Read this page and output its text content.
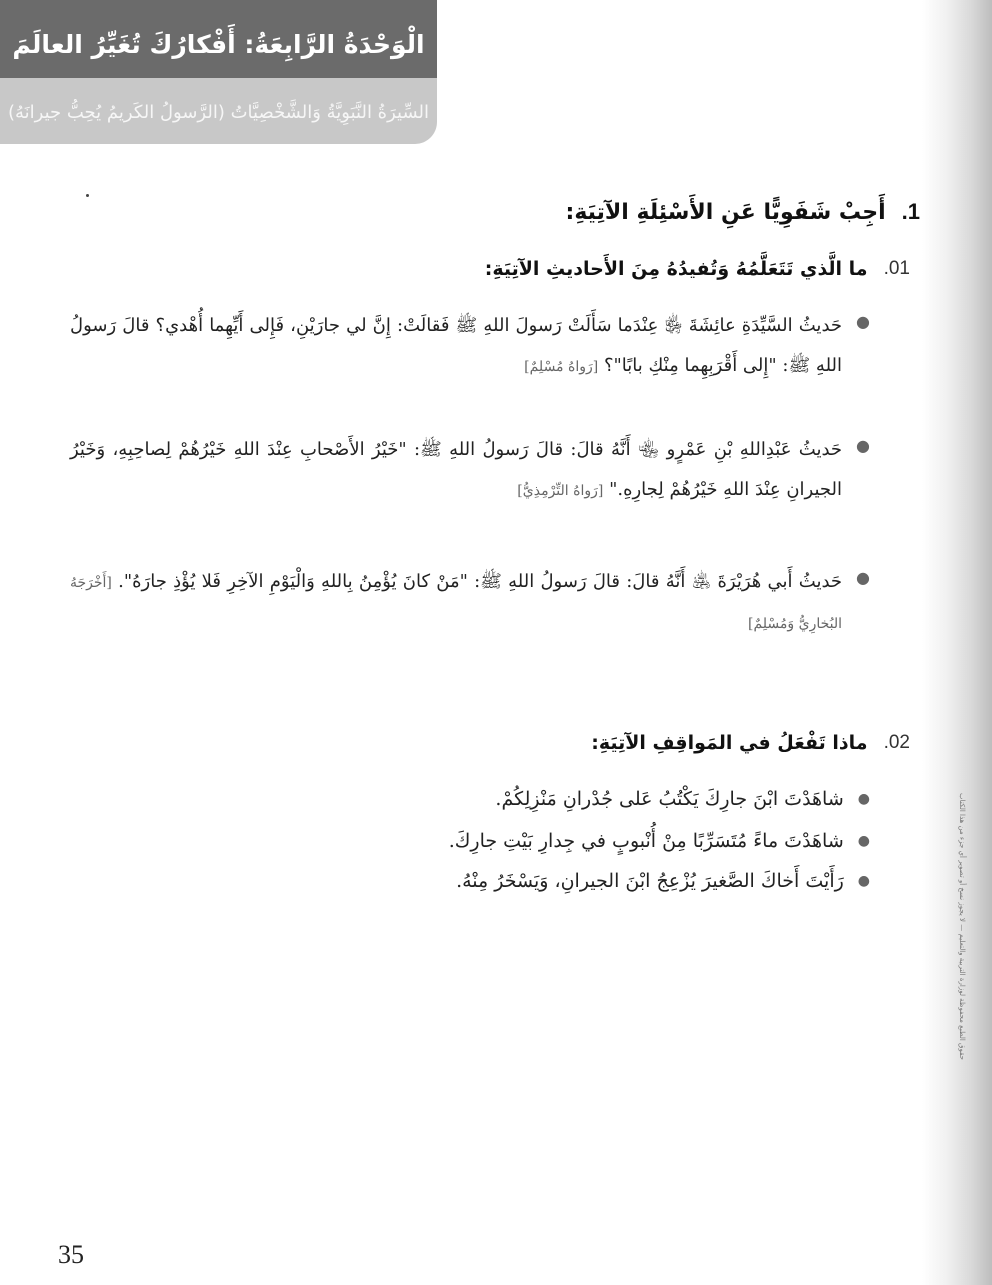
حقوق الطبع محفوظة لوزارة التربية والتعليم — لا يجوز نسخ أو تصوير أي جزء من هذا الكتاب
الْوَحْدَةُ الرَّابِعَةُ: أَفْكارُكَ تُغَيِّرُ العالَمَ
السِّيرَةُ النَّبَوِيَّةُ وَالشَّخْصِيَّاتُ (الرَّسولُ الكَريمُ يُحِبُّ جيرانَهُ)
1.
أَجِبْ شَفَوِيًّا عَنِ الأَسْئِلَةِ الآتِيَةِ:
01.
ما الَّذي تَتَعَلَّمُهُ وَتُفيدُهُ مِنَ الأَحاديثِ الآتِيَةِ:
●
حَديثُ السَّيِّدَةِ عائِشَةَ ﵂ عِنْدَما سَأَلَتْ رَسولَ اللهِ ﷺ فَقالَتْ: إِنَّ لي جارَيْنِ، فَإِلى أَيِّهِما أُهْدي؟ قالَ رَسولُ اللهِ ﷺ: "إِلى أَقْرَبِهِما مِنْكِ بابًا"؟ [رَواهُ مُسْلِمٌ]
●
حَديثُ عَبْدِاللهِ بْنِ عَمْرٍو ﵄ أَنَّهُ قالَ: قالَ رَسولُ اللهِ ﷺ: "خَيْرُ الأَصْحابِ عِنْدَ اللهِ خَيْرُهُمْ لِصاحِبِهِ، وَخَيْرُ الجيرانِ عِنْدَ اللهِ خَيْرُهُمْ لِجارِهِ." [رَواهُ التِّرْمِذِيُّ]
●
حَديثُ أَبي هُرَيْرَةَ ﵁ أَنَّهُ قالَ: قالَ رَسولُ اللهِ ﷺ: "مَنْ كانَ يُؤْمِنُ بِاللهِ وَالْيَوْمِ الآخِرِ فَلا يُؤْذِ جارَهُ". [أَخْرَجَهُ البُخارِيُّ وَمُسْلِمٌ]
02.
ماذا تَفْعَلُ في المَواقِفِ الآتِيَةِ:
●
شاهَدْتَ ابْنَ جارِكَ يَكْتُبُ عَلى جُدْرانِ مَنْزِلِكُمْ.
●
شاهَدْتَ ماءً مُتَسَرِّبًا مِنْ أُنْبوبٍ في جِدارِ بَيْتِ جارِكَ.
●
رَأَيْتَ أَخاكَ الصَّغيرَ يُزْعِجُ ابْنَ الجيرانِ، وَيَسْخَرُ مِنْهُ.
35
